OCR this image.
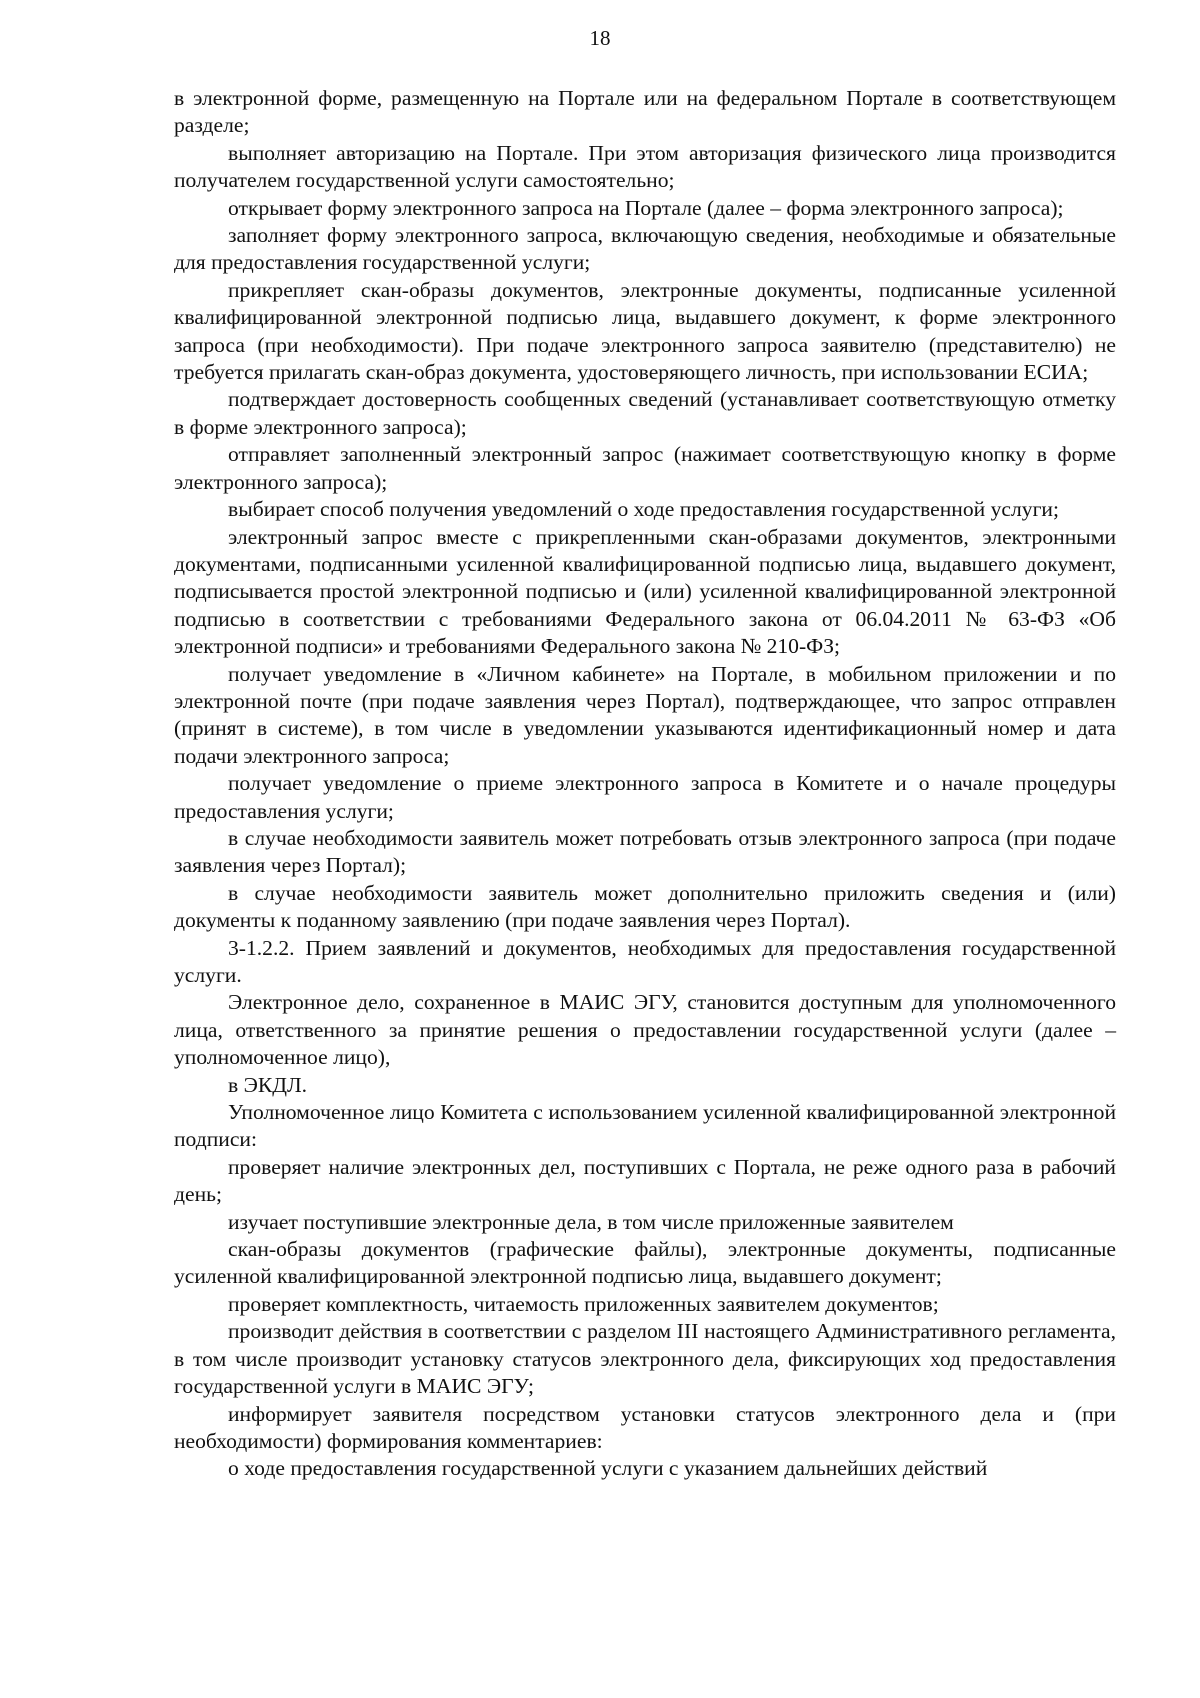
18

в электронной форме, размещенную на Портале или на федеральном Портале в соответствующем разделе;

выполняет авторизацию на Портале. При этом авторизация физического лица производится получателем государственной услуги самостоятельно;

открывает форму электронного запроса на Портале (далее – форма электронного запроса);

заполняет форму электронного запроса, включающую сведения, необходимые и обязательные для предоставления государственной услуги;

прикрепляет скан-образы документов, электронные документы, подписанные усиленной квалифицированной электронной подписью лица, выдавшего документ, к форме электронного запроса (при необходимости). При подаче электронного запроса заявителю (представителю) не требуется прилагать скан-образ документа, удостоверяющего личность, при использовании ЕСИА;

подтверждает достоверность сообщенных сведений (устанавливает соответствующую отметку в форме электронного запроса);

отправляет заполненный электронный запрос (нажимает соответствующую кнопку в форме электронного запроса);

выбирает способ получения уведомлений о ходе предоставления государственной услуги;

электронный запрос вместе с прикрепленными скан-образами документов, электронными документами, подписанными усиленной квалифицированной подписью лица, выдавшего документ, подписывается простой электронной подписью и (или) усиленной квалифицированной электронной подписью в соответствии с требованиями Федерального закона от 06.04.2011 № 63-ФЗ «Об электронной подписи» и требованиями Федерального закона № 210-ФЗ;

получает уведомление в «Личном кабинете» на Портале, в мобильном приложении и по электронной почте (при подаче заявления через Портал), подтверждающее, что запрос отправлен (принят в системе), в том числе в уведомлении указываются идентификационный номер и дата подачи электронного запроса;

получает уведомление о приеме электронного запроса в Комитете и о начале процедуры предоставления услуги;

в случае необходимости заявитель может потребовать отзыв электронного запроса (при подаче заявления через Портал);

в случае необходимости заявитель может дополнительно приложить сведения и (или) документы к поданному заявлению (при подаче заявления через Портал).

3-1.2.2. Прием заявлений и документов, необходимых для предоставления государственной услуги.

Электронное дело, сохраненное в МАИС ЭГУ, становится доступным для уполномоченного лица, ответственного за принятие решения о предоставлении государственной услуги (далее – уполномоченное лицо),

в ЭКДЛ.

Уполномоченное лицо Комитета с использованием усиленной квалифицированной электронной подписи:

проверяет наличие электронных дел, поступивших с Портала, не реже одного раза в рабочий день;

изучает поступившие электронные дела, в том числе приложенные заявителем

скан-образы документов (графические файлы), электронные документы, подписанные усиленной квалифицированной электронной подписью лица, выдавшего документ;

проверяет комплектность, читаемость приложенных заявителем документов;

производит действия в соответствии с разделом III настоящего Административного регламента, в том числе производит установку статусов электронного дела, фиксирующих ход предоставления государственной услуги в МАИС ЭГУ;

информирует заявителя посредством установки статусов электронного дела и (при необходимости) формирования комментариев:

о ходе предоставления государственной услуги с указанием дальнейших действий
